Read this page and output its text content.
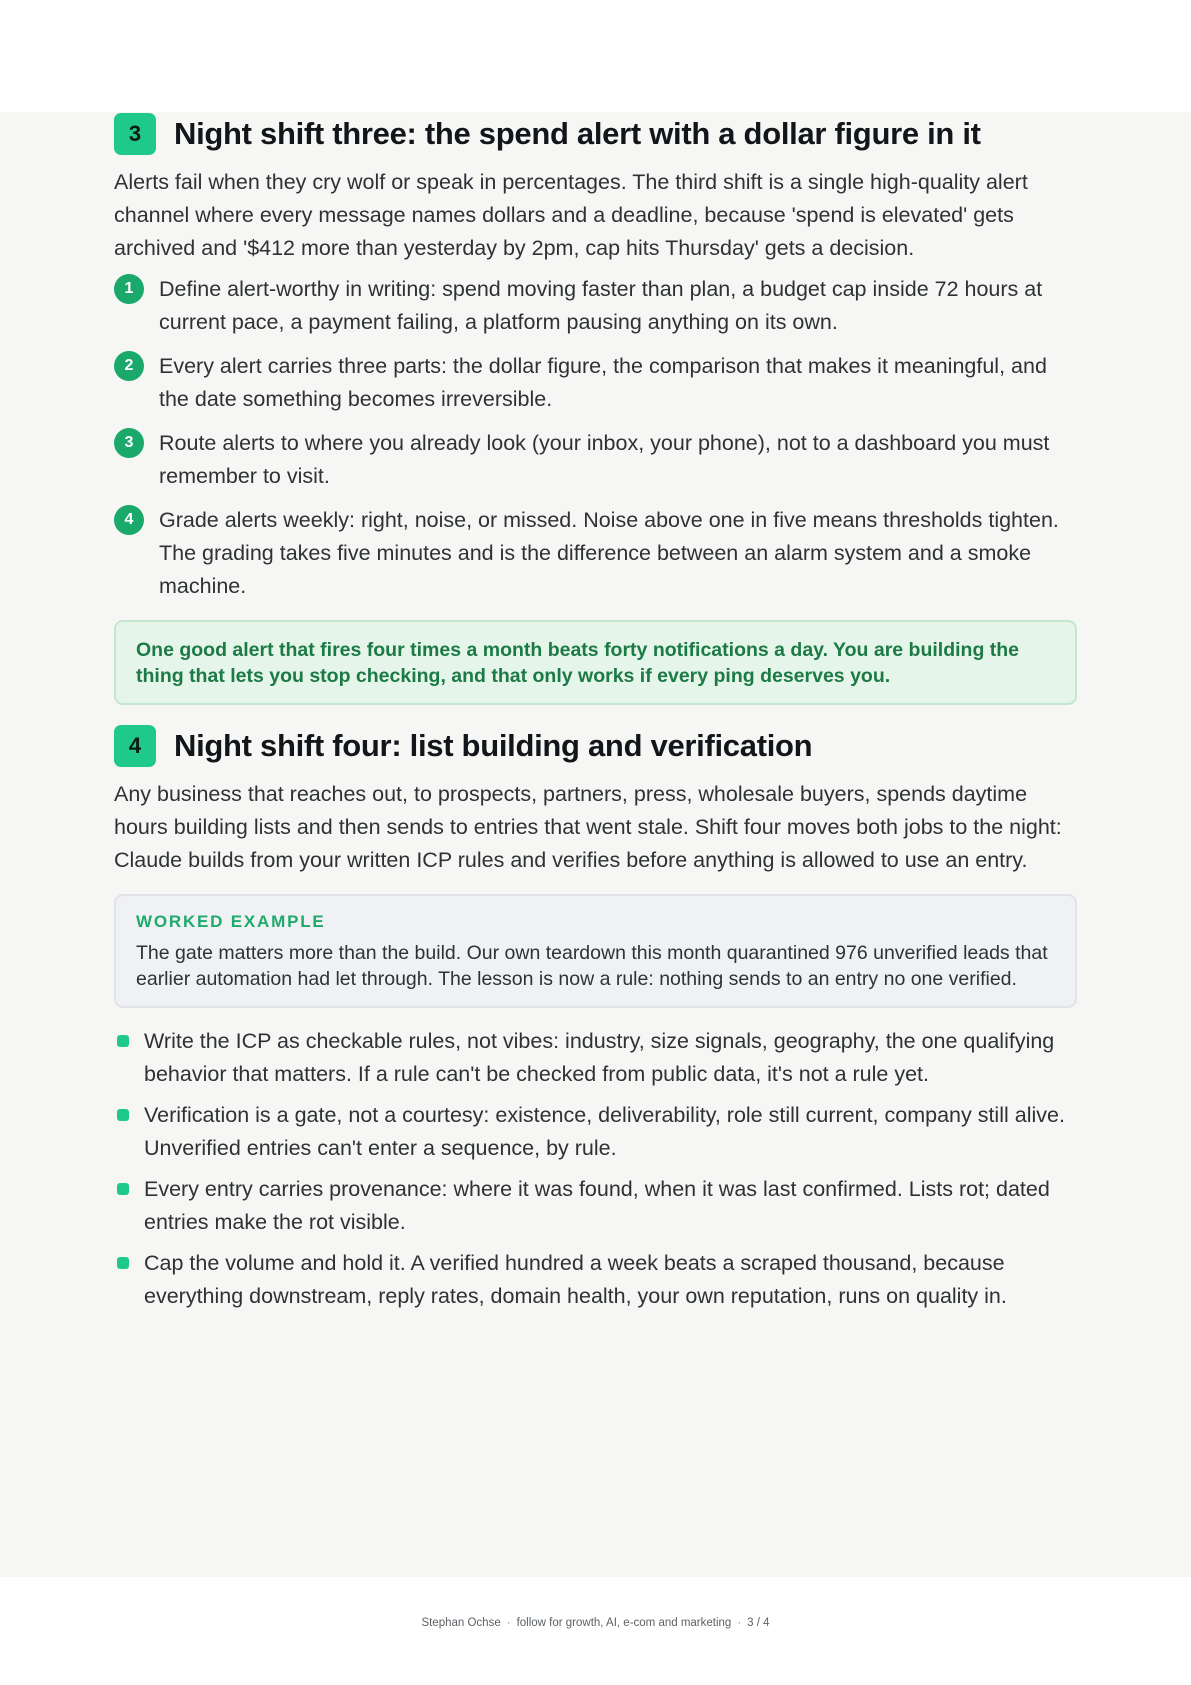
3	Night shift three: the spend alert with a dollar figure in it

Alerts fail when they cry wolf or speak in percentages. The third shift is a single high-quality alert channel where every message names dollars and a deadline, because 'spend is elevated' gets archived and '$412 more than yesterday by 2pm, cap hits Thursday' gets a decision.

1	Define alert-worthy in writing: spend moving faster than plan, a budget cap inside 72 hours at current pace, a payment failing, a platform pausing anything on its own.
2	Every alert carries three parts: the dollar figure, the comparison that makes it meaningful, and the date something becomes irreversible.
3	Route alerts to where you already look (your inbox, your phone), not to a dashboard you must remember to visit.
4	Grade alerts weekly: right, noise, or missed. Noise above one in five means thresholds tighten. The grading takes five minutes and is the difference between an alarm system and a smoke machine.
One good alert that fires four times a month beats forty notifications a day. You are building the thing that lets you stop checking, and that only works if every ping deserves you.
4	Night shift four: list building and verification

Any business that reaches out, to prospects, partners, press, wholesale buyers, spends daytime hours building lists and then sends to entries that went stale. Shift four moves both jobs to the night: Claude builds from your written ICP rules and verifies before anything is allowed to use an entry.

WORKED EXAMPLE

The gate matters more than the build. Our own teardown this month quarantined 976 unverified leads that earlier automation had let through. The lesson is now a rule: nothing sends to an entry no one verified.

Write the ICP as checkable rules, not vibes: industry, size signals, geography, the one qualifying behavior that matters. If a rule can't be checked from public data, it's not a rule yet.
Verification is a gate, not a courtesy: existence, deliverability, role still current, company still alive. Unverified entries can't enter a sequence, by rule.
Every entry carries provenance: where it was found, when it was last confirmed. Lists rot; dated entries make the rot visible.
Cap the volume and hold it. A verified hundred a week beats a scraped thousand, because everything downstream, reply rates, domain health, your own reputation, runs on quality in.
Stephan Ochse · follow for growth, AI, e-com and marketing · 3 / 4
